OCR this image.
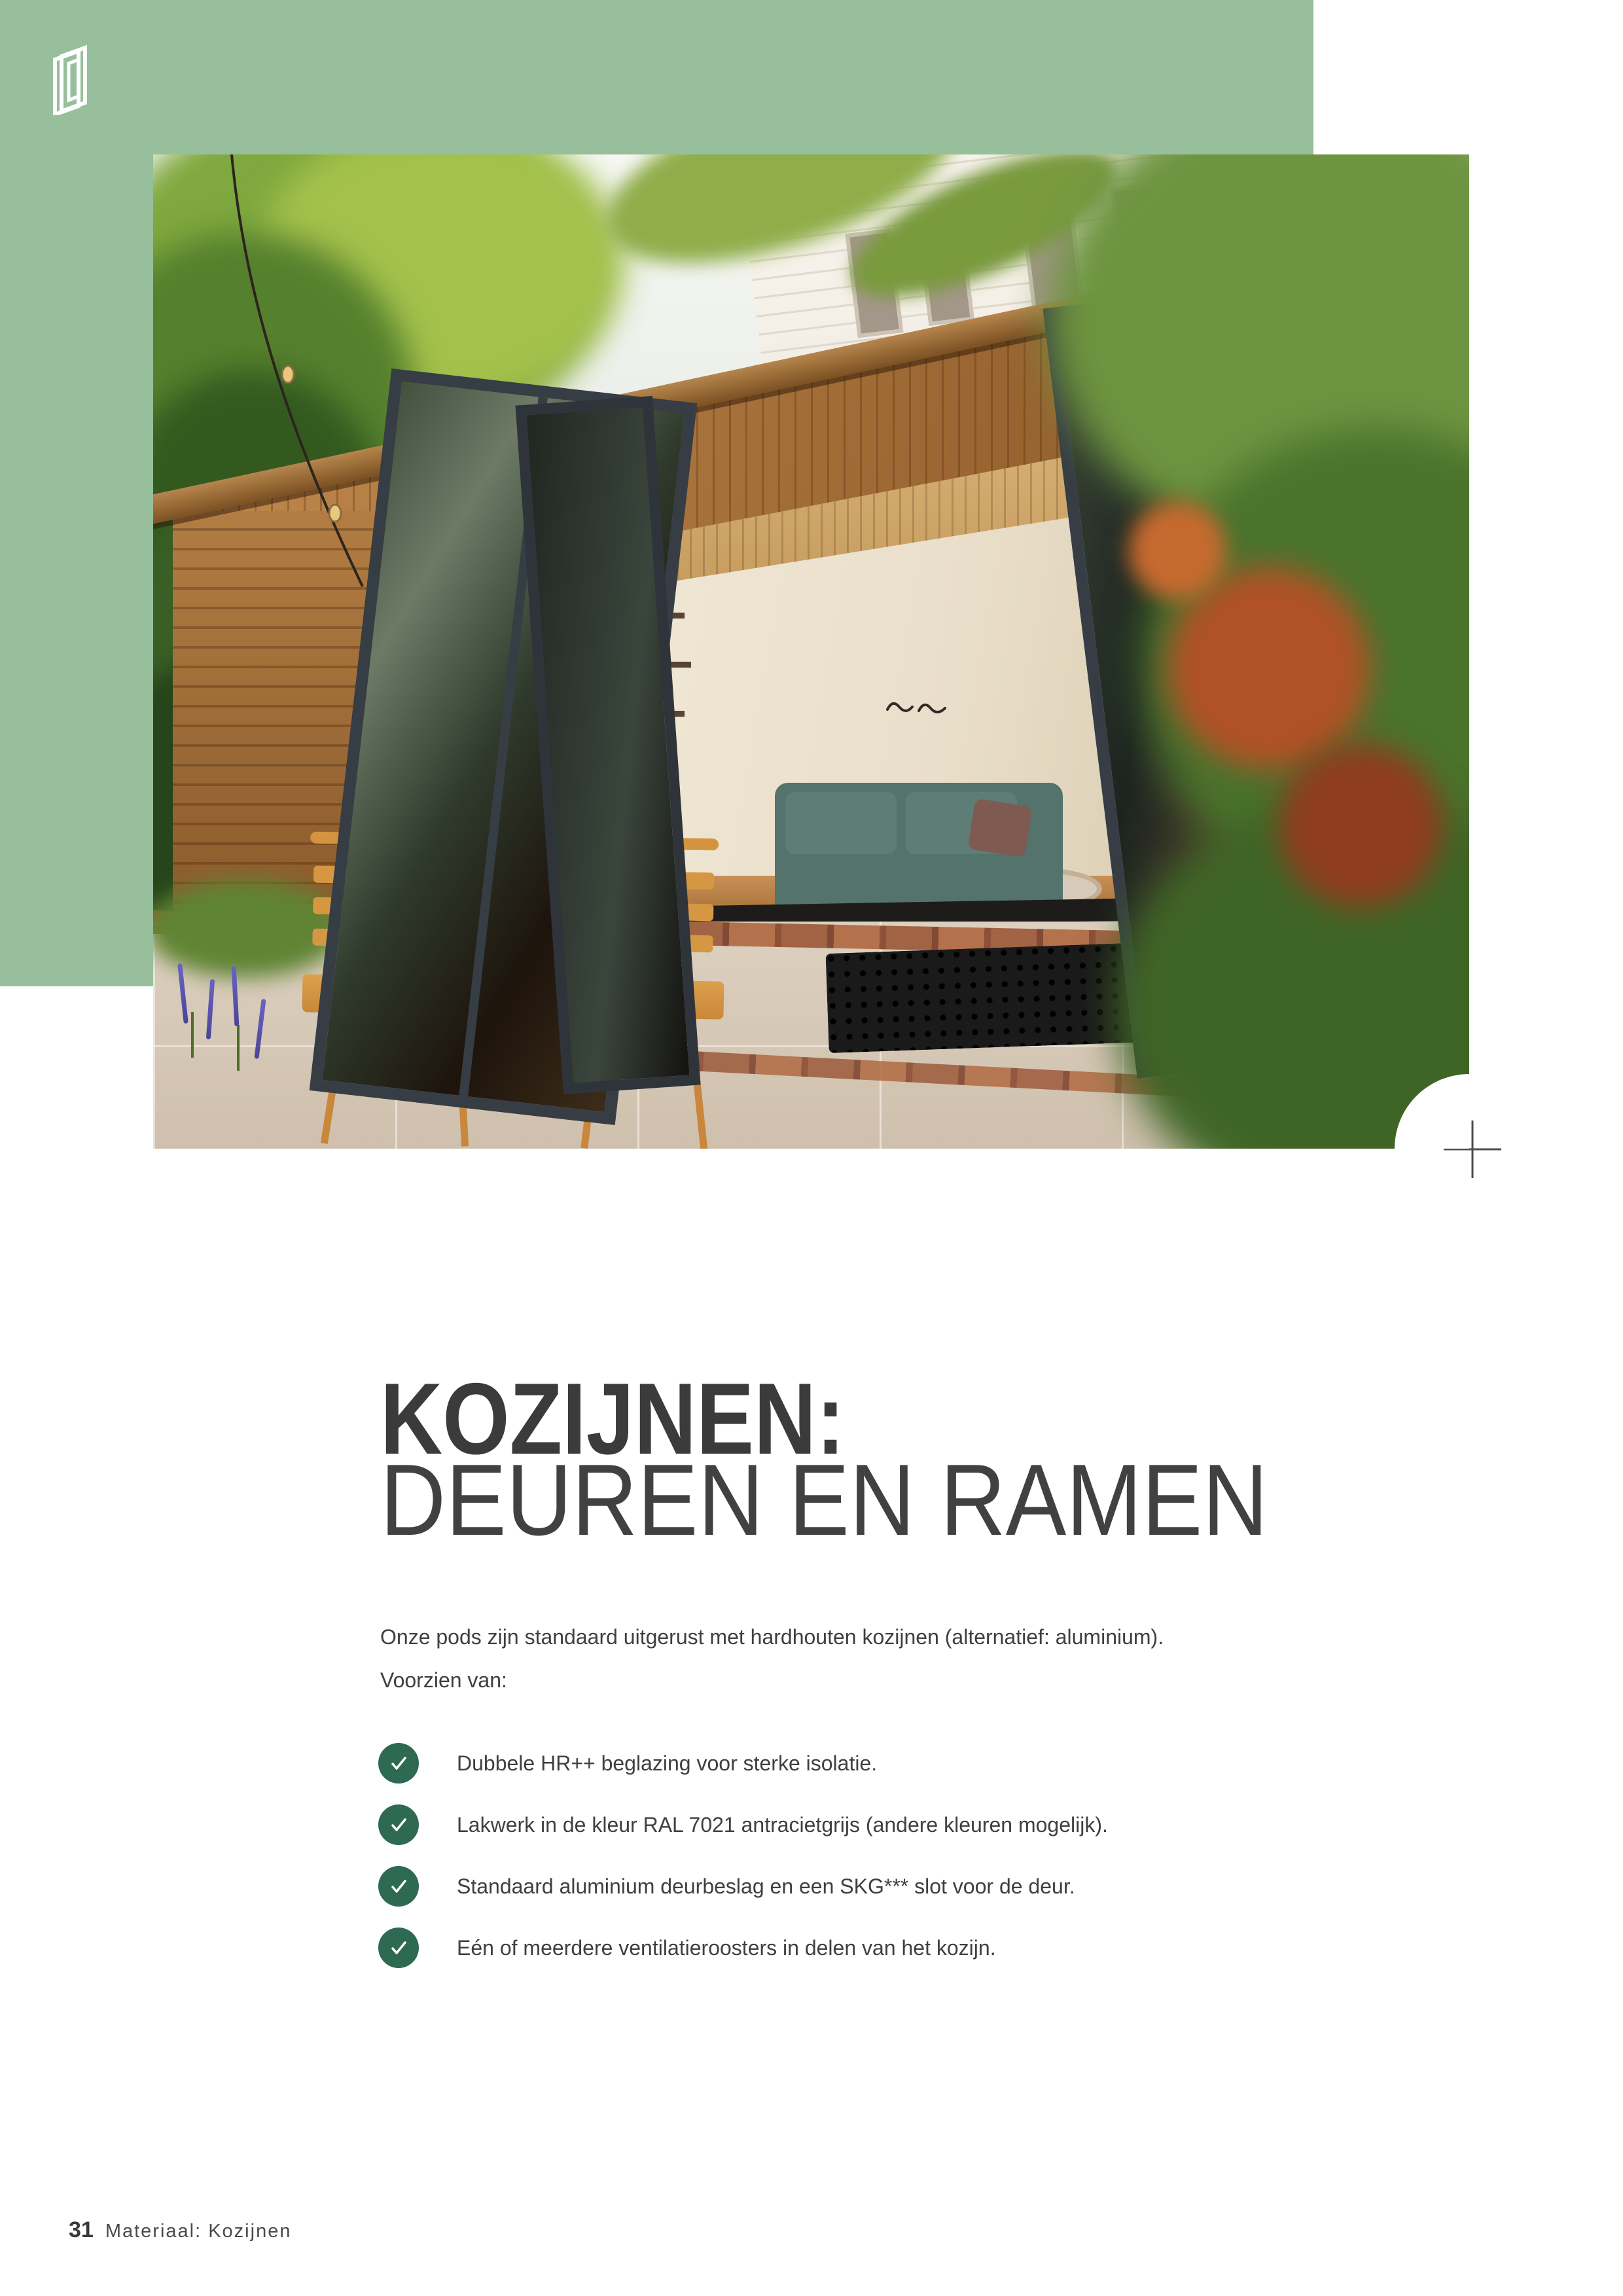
KOZIJNEN:
DEUREN EN RAMEN
Onze pods zijn standaard uitgerust met hardhouten kozijnen (alternatief: aluminium).
Voorzien van:
Dubbele HR++ beglazing voor sterke isolatie.
Lakwerk in de kleur RAL 7021 antracietgrijs (andere kleuren mogelijk).
Standaard aluminium deurbeslag en een SKG*** slot voor de deur.
Eén of meerdere ventilatieroosters in delen van het kozijn.
31 Materiaal: Kozijnen
